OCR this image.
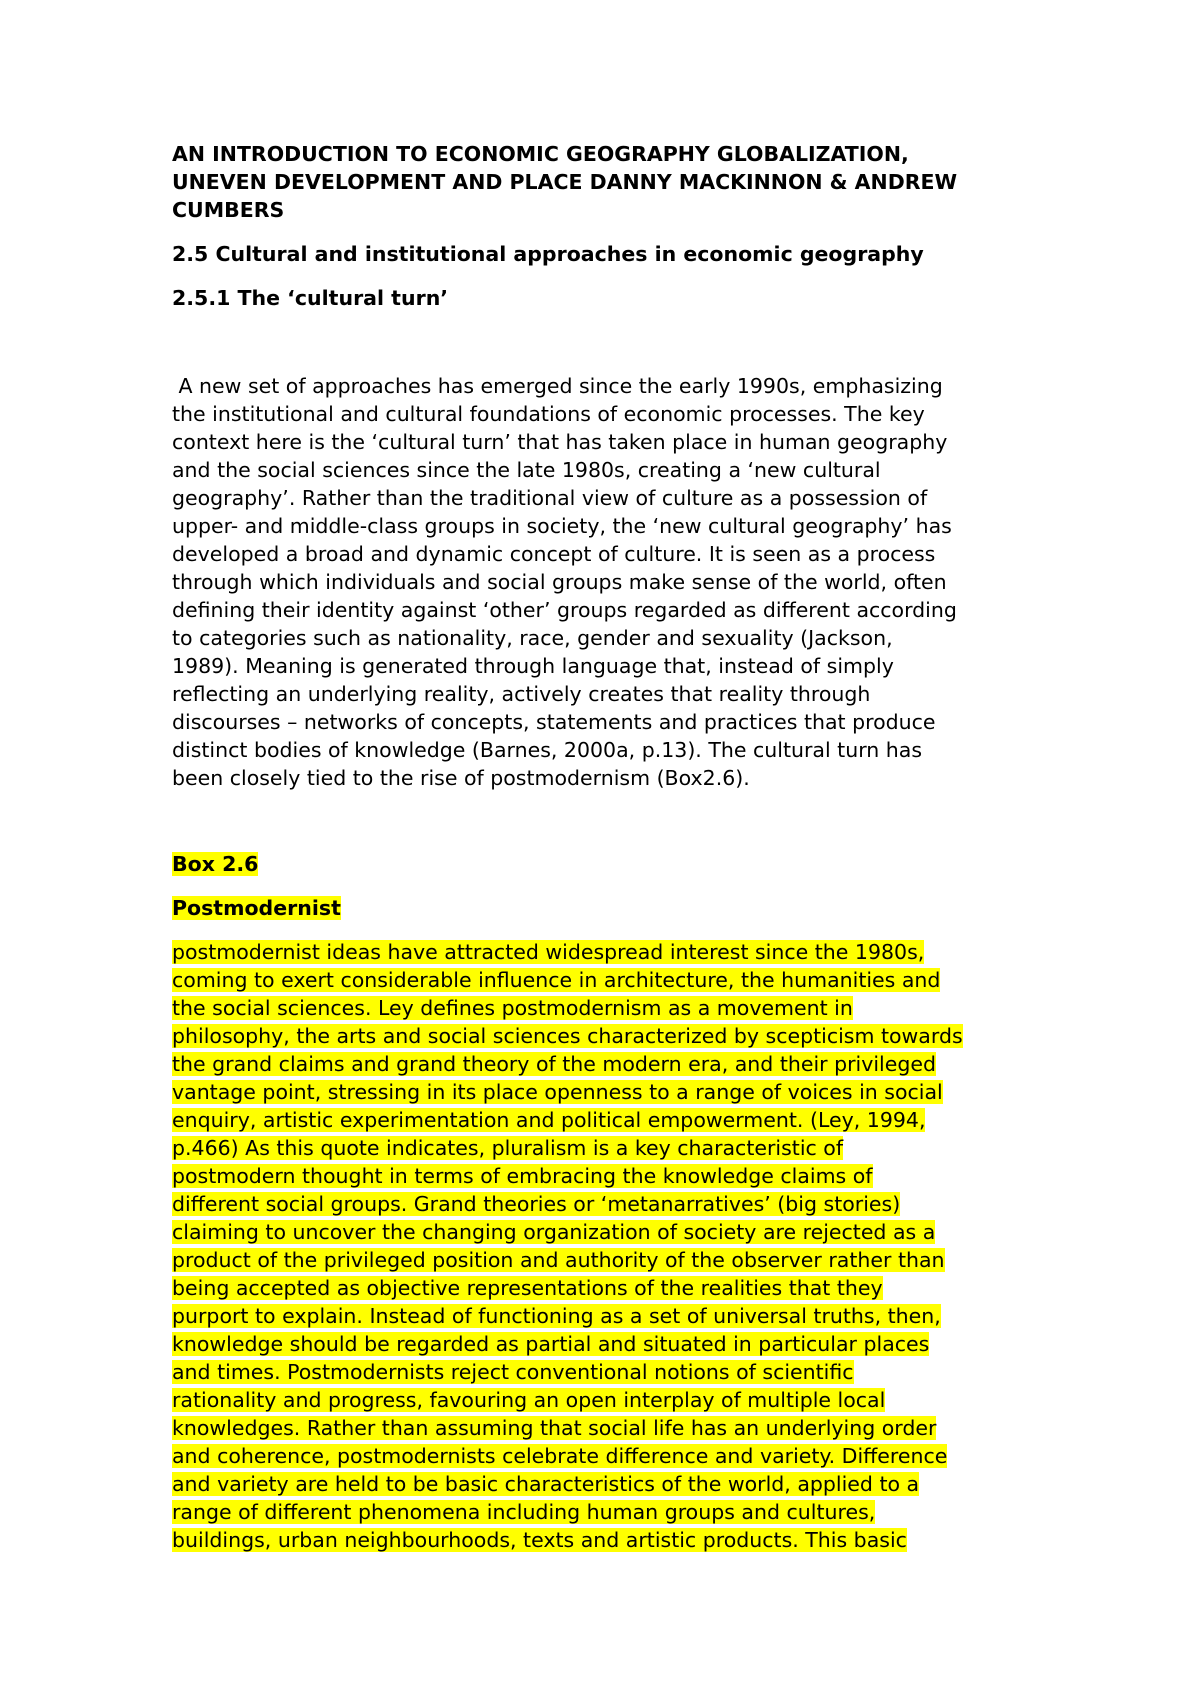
AN INTRODUCTION TO ECONOMIC GEOGRAPHY GLOBALIZATION,
UNEVEN DEVELOPMENT AND PLACE DANNY MACKINNON & ANDREW
CUMBERS

2.5 Cultural and institutional approaches in economic geography

2.5.1 The ‘cultural turn’

A new set of approaches has emerged since the early 1990s, emphasizing
the institutional and cultural foundations of economic processes. The key
context here is the ‘cultural turn’ that has taken place in human geography
and the social sciences since the late 1980s, creating a ‘new cultural
geography’. Rather than the traditional view of culture as a possession of
upper- and middle-class groups in society, the ‘new cultural geography’ has
developed a broad and dynamic concept of culture. It is seen as a process
through which individuals and social groups make sense of the world, often
defining their identity against ‘other’ groups regarded as different according
to categories such as nationality, race, gender and sexuality (Jackson,
1989). Meaning is generated through language that, instead of simply
reflecting an underlying reality, actively creates that reality through
discourses – networks of concepts, statements and practices that produce
distinct bodies of knowledge (Barnes, 2000a, p.13). The cultural turn has
been closely tied to the rise of postmodernism (Box2.6).

Box 2.6

Postmodernist

postmodernist ideas have attracted widespread interest since the 1980s,
coming to exert considerable influence in architecture, the humanities and
the social sciences. Ley defines postmodernism as a movement in
philosophy, the arts and social sciences characterized by scepticism towards
the grand claims and grand theory of the modern era, and their privileged
vantage point, stressing in its place openness to a range of voices in social
enquiry, artistic experimentation and political empowerment. (Ley, 1994,
p.466) As this quote indicates, pluralism is a key characteristic of
postmodern thought in terms of embracing the knowledge claims of
different social groups. Grand theories or ‘metanarratives’ (big stories)
claiming to uncover the changing organization of society are rejected as a
product of the privileged position and authority of the observer rather than
being accepted as objective representations of the realities that they
purport to explain. Instead of functioning as a set of universal truths, then,
knowledge should be regarded as partial and situated in particular places
and times. Postmodernists reject conventional notions of scientific
rationality and progress, favouring an open interplay of multiple local
knowledges. Rather than assuming that social life has an underlying order
and coherence, postmodernists celebrate difference and variety. Difference
and variety are held to be basic characteristics of the world, applied to a
range of different phenomena including human groups and cultures,
buildings, urban neighbourhoods, texts and artistic products. This basic
